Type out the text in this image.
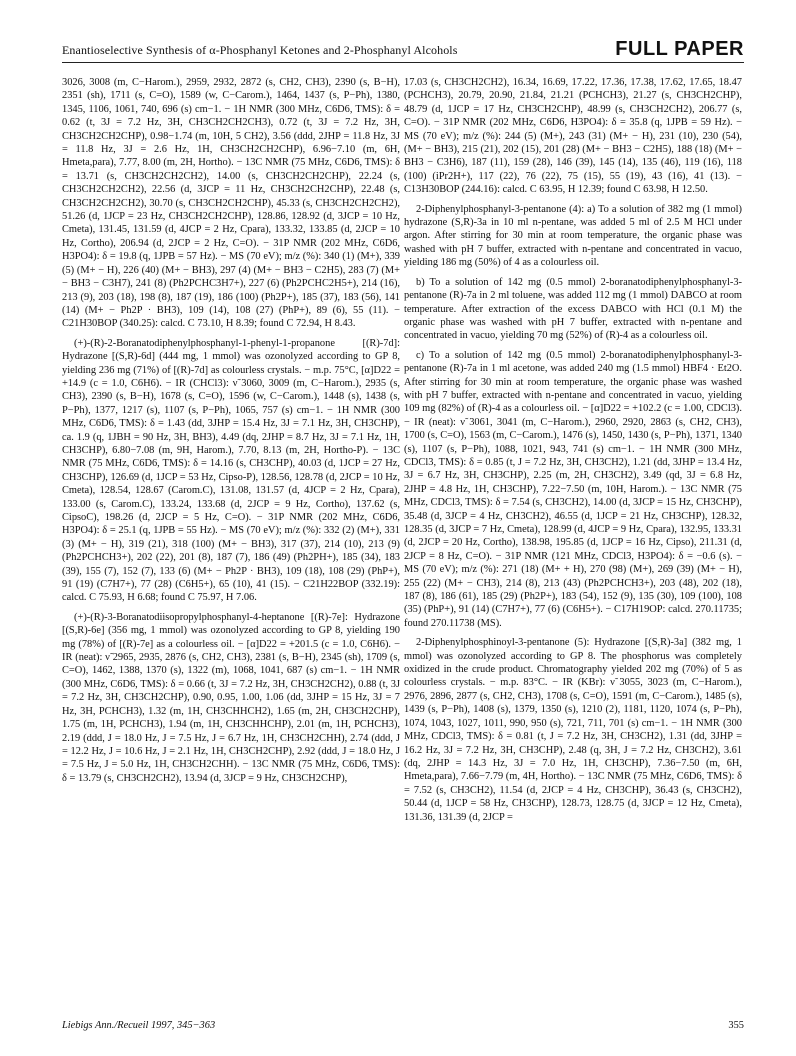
Enantioselective Synthesis of α-Phosphanyl Ketones and 2-Phosphanyl Alcohols	FULL PAPER

3026, 3008 (m, C−Harom.), 2959, 2932, 2872 (s, CH2, CH3), 2390 (s, B−H), 2351 (sh), 1711 (s, C=O), 1589 (w, C−Carom.), 1464, 1437 (s, P−Ph), 1380, 1345, 1106, 1061, 740, 696 (s) cm−1. − 1H NMR (300 MHz, C6D6, TMS): δ = 0.62 (t, 3J = 7.2 Hz, 3H, CH3CH2CH2CH3), 0.72 (t, 3J = 7.2 Hz, 3H, CH3CH2CH2CHP), 0.98−1.74 (m, 10H, 5 CH2), 3.56 (ddd, 2JHP = 11.8 Hz, 3J = 11.8 Hz, 3J = 2.6 Hz, 1H, CH3CH2CH2CHP), 6.96−7.10 (m, 6H, Hmeta,para), 7.77, 8.00 (m, 2H, Hortho). − 13C NMR (75 MHz, C6D6, TMS): δ = 13.71 (s, CH3CH2CH2CH2), 14.00 (s, CH3CH2CH2CHP), 22.24 (s, CH3CH2CH2CH2), 22.56 (d, 3JCP = 11 Hz, CH3CH2CH2CHP), 22.48 (s, CH3CH2CH2CH2), 30.70 (s, CH3CH2CH2CHP), 45.33 (s, CH3CH2CH2CH2), 51.26 (d, 1JCP = 23 Hz, CH3CH2CH2CHP), 128.86, 128.92 (d, 3JCP = 10 Hz, Cmeta), 131.45, 131.59 (d, 4JCP = 2 Hz, Cpara), 133.32, 133.85 (d, 2JCP = 10 Hz, Cortho), 206.94 (d, 2JCP = 2 Hz, C=O). − 31P NMR (202 MHz, C6D6, H3PO4): δ = 19.8 (q, 1JPB = 57 Hz). − MS (70 eV); m/z (%): 340 (1) (M+), 339 (5) (M+ − H), 226 (40) (M+ − BH3), 297 (4) (M+ − BH3 − C2H5), 283 (7) (M+ − BH3 − C3H7), 241 (8) (Ph2PCHC3H7+), 227 (6) (Ph2PCHC2H5+), 214 (16), 213 (9), 203 (18), 198 (8), 187 (19), 186 (100) (Ph2P+), 185 (37), 183 (56), 141 (14) (M+ − Ph2P · BH3), 109 (14), 108 (27) (PhP+), 89 (6), 55 (11). − C21H30BOP (340.25): calcd. C 73.10, H 8.39; found C 72.94, H 8.43.

(+)-(R)-2-Boranatodiphenylphosphanyl-1-phenyl-1-propanone [(R)-7d]: Hydrazone [(S,R)-6d] (444 mg, 1 mmol) was ozonolyzed according to GP 8, yielding 236 mg (71%) of [(R)-7d] as colourless crystals. − m.p. 75°C, [α]D22 = +14.9 (c = 1.0, C6H6). − IR (CHCl3): ν̃ 3060, 3009 (m, C−Harom.), 2935 (s, CH3), 2390 (s, B−H), 1678 (s, C=O), 1596 (w, C−Carom.), 1448 (s), 1438 (s, P−Ph), 1377, 1217 (s), 1107 (s, P−Ph), 1065, 757 (s) cm−1. − 1H NMR (300 MHz, C6D6, TMS): δ = 1.43 (dd, 3JHP = 15.4 Hz, 3J = 7.1 Hz, 3H, CH3CHP), ca. 1.9 (q, 1JBH = 90 Hz, 3H, BH3), 4.49 (dq, 2JHP = 8.7 Hz, 3J = 7.1 Hz, 1H, CH3CHP), 6.80−7.08 (m, 9H, Harom.), 7.70, 8.13 (m, 2H, Hortho-P). − 13C NMR (75 MHz, C6D6, TMS): δ = 14.16 (s, CH3CHP), 40.03 (d, 1JCP = 27 Hz, CH3CHP), 126.69 (d, 1JCP = 53 Hz, Cipso-P), 128.56, 128.78 (d, 2JCP = 10 Hz, Cmeta), 128.54, 128.67 (Carom.C), 131.08, 131.57 (d, 4JCP = 2 Hz, Cpara), 133.00 (s, Carom.C), 133.24, 133.68 (d, 2JCP = 9 Hz, Cortho), 137.62 (s, CipsoC), 198.26 (d, 2JCP = 5 Hz, C=O). − 31P NMR (202 MHz, C6D6, H3PO4): δ = 25.1 (q, 1JPB = 55 Hz). − MS (70 eV); m/z (%): 332 (2) (M+), 331 (3) (M+ − H), 319 (21), 318 (100) (M+ − BH3), 317 (37), 214 (10), 213 (9) (Ph2PCHCH3+), 202 (22), 201 (8), 187 (7), 186 (49) (Ph2PH+), 185 (34), 183 (39), 155 (7), 152 (7), 133 (6) (M+ − Ph2P · BH3), 109 (18), 108 (29) (PhP+), 91 (19) (C7H7+), 77 (28) (C6H5+), 65 (10), 41 (15). − C21H22BOP (332.19): calcd. C 75.93, H 6.68; found C 75.97, H 7.06.

(+)-(R)-3-Boranatodiisopropylphosphanyl-4-heptanone [(R)-7e]: Hydrazone [(S,R)-6e] (356 mg, 1 mmol) was ozonolyzed according to GP 8, yielding 190 mg (78%) of [(R)-7e] as a colourless oil. − [α]D22 = +201.5 (c = 1.0, C6H6). − IR (neat): ν̃ 2965, 2935, 2876 (s, CH2, CH3), 2381 (s, B−H), 2345 (sh), 1709 (s, C=O), 1462, 1388, 1370 (s), 1322 (m), 1068, 1041, 687 (s) cm−1. − 1H NMR (300 MHz, C6D6, TMS): δ = 0.66 (t, 3J = 7.2 Hz, 3H, CH3CH2CH2), 0.88 (t, 3J = 7.2 Hz, 3H, CH3CH2CHP), 0.90, 0.95, 1.00, 1.06 (dd, 3JHP = 15 Hz, 3J = 7 Hz, 3H, PCHCH3), 1.32 (m, 1H, CH3CHHCH2), 1.65 (m, 2H, CH3CH2CHP), 1.75 (m, 1H, PCHCH3), 1.94 (m, 1H, CH3CHHCHP), 2.01 (m, 1H, PCHCH3), 2.19 (ddd, J = 18.0 Hz, J = 7.5 Hz, J = 6.7 Hz, 1H, CH3CH2CHH), 2.74 (ddd, J = 12.2 Hz, J = 10.6 Hz, J = 2.1 Hz, 1H, CH3CH2CHP), 2.92 (ddd, J = 18.0 Hz, J = 7.5 Hz, J = 5.0 Hz, 1H, CH3CH2CHH). − 13C NMR (75 MHz, C6D6, TMS): δ = 13.79 (s, CH3CH2CH2), 13.94 (d, 3JCP = 9 Hz, CH3CH2CHP),

17.03 (s, CH3CH2CH2), 16.34, 16.69, 17.22, 17.36, 17.38, 17.62, 17.65, 18.47 (PCHCH3), 20.79, 20.90, 21.84, 21.21 (PCHCH3), 21.27 (s, CH3CH2CHP), 48.79 (d, 1JCP = 17 Hz, CH3CH2CHP), 48.99 (s, CH3CH2CH2), 206.77 (s, C=O). − 31P NMR (202 MHz, C6D6, H3PO4): δ = 35.8 (q, 1JPB = 59 Hz). − MS (70 eV); m/z (%): 244 (5) (M+), 243 (31) (M+ − H), 231 (10), 230 (54), (M+ − BH3), 215 (21), 202 (15), 201 (28) (M+ − BH3 − C2H5), 188 (18) (M+ − BH3 − C3H6), 187 (11), 159 (28), 146 (39), 145 (14), 135 (46), 119 (16), 118 (100) (iPr2H+), 117 (22), 76 (22), 75 (15), 55 (19), 43 (16), 41 (13). − C13H30BOP (244.16): calcd. C 63.95, H 12.39; found C 63.98, H 12.50.

2-Diphenylphosphanyl-3-pentanone (4): a) To a solution of 382 mg (1 mmol) hydrazone (S,R)-3a in 10 ml n-pentane, was added 5 ml of 2.5 M HCl under argon. After stirring for 30 min at room temperature, the organic phase was washed with pH 7 buffer, extracted with n-pentane and concentrated in vacuo, yielding 186 mg (50%) of 4 as a colourless oil.

b) To a solution of 142 mg (0.5 mmol) 2-boranatodiphenylphosphanyl-3-pentanone (R)-7a in 2 ml toluene, was added 112 mg (1 mmol) DABCO at room temperature. After extraction of the excess DABCO with HCl (0.1 M) the organic phase was washed with pH 7 buffer, extracted with n-pentane and concentrated in vacuo, yielding 70 mg (52%) of (R)-4 as a colourless oil.

c) To a solution of 142 mg (0.5 mmol) 2-boranatodiphenylphosphanyl-3-pentanone (R)-7a in 1 ml acetone, was added 240 mg (1.5 mmol) HBF4 · Et2O. After stirring for 30 min at room temperature, the organic phase was washed with pH 7 buffer, extracted with n-pentane and concentrated in vacuo, yielding 109 mg (82%) of (R)-4 as a colourless oil. − [α]D22 = +102.2 (c = 1.00, CDCl3). − IR (neat): ν̃ 3061, 3041 (m, C−Harom.), 2960, 2920, 2863 (s, CH2, CH3), 1700 (s, C=O), 1563 (m, C−Carom.), 1476 (s), 1450, 1430 (s, P−Ph), 1371, 1340 (s), 1107 (s, P−Ph), 1088, 1021, 943, 741 (s) cm−1. − 1H NMR (300 MHz, CDCl3, TMS): δ = 0.85 (t, J = 7.2 Hz, 3H, CH3CH2), 1.21 (dd, 3JHP = 13.4 Hz, 3J = 6.7 Hz, 3H, CH3CHP), 2.25 (m, 2H, CH3CH2), 3.49 (qd, 3J = 6.8 Hz, 2JHP = 4.8 Hz, 1H, CH3CHP), 7.22−7.50 (m, 10H, Harom.). − 13C NMR (75 MHz, CDCl3, TMS): δ = 7.54 (s, CH3CH2), 14.00 (d, 3JCP = 15 Hz, CH3CHP), 35.48 (d, 3JCP = 4 Hz, CH3CH2), 46.55 (d, 1JCP = 21 Hz, CH3CHP), 128.32, 128.35 (d, 3JCP = 7 Hz, Cmeta), 128.99 (d, 4JCP = 9 Hz, Cpara), 132.95, 133.31 (d, 2JCP = 20 Hz, Cortho), 138.98, 195.85 (d, 1JCP = 16 Hz, Cipso), 211.31 (d, 2JCP = 8 Hz, C=O). − 31P NMR (121 MHz, CDCl3, H3PO4): δ = −0.6 (s). − MS (70 eV); m/z (%): 271 (18) (M+ + H), 270 (98) (M+), 269 (39) (M+ − H), 255 (22) (M+ − CH3), 214 (8), 213 (43) (Ph2PCHCH3+), 203 (48), 202 (18), 187 (8), 186 (61), 185 (29) (Ph2P+), 183 (54), 152 (9), 135 (30), 109 (100), 108 (35) (PhP+), 91 (14) (C7H7+), 77 (6) (C6H5+). − C17H19OP: calcd. 270.11735; found 270.11738 (MS).

2-Diphenylphosphinoyl-3-pentanone (5): Hydrazone [(S,R)-3a] (382 mg, 1 mmol) was ozonolyzed according to GP 8. The phosphorus was completely oxidized in the crude product. Chromatography yielded 202 mg (70%) of 5 as colourless crystals. − m.p. 83°C. − IR (KBr): ν̃ 3055, 3023 (m, C−Harom.), 2976, 2896, 2877 (s, CH2, CH3), 1708 (s, C=O), 1591 (m, C−Carom.), 1485 (s), 1439 (s, P−Ph), 1408 (s), 1379, 1350 (s), 1210 (2), 1181, 1120, 1074 (s, P−Ph), 1074, 1043, 1027, 1011, 990, 950 (s), 721, 711, 701 (s) cm−1. − 1H NMR (300 MHz, CDCl3, TMS): δ = 0.81 (t, J = 7.2 Hz, 3H, CH3CH2), 1.31 (dd, 3JHP = 16.2 Hz, 3J = 7.2 Hz, 3H, CH3CHP), 2.48 (q, 3H, J = 7.2 Hz, CH3CH2), 3.61 (dq, 2JHP = 14.3 Hz, 3J = 7.0 Hz, 1H, CH3CHP), 7.36−7.50 (m, 6H, Hmeta,para), 7.66−7.79 (m, 4H, Hortho). − 13C NMR (75 MHz, C6D6, TMS): δ = 7.52 (s, CH3CH2), 11.54 (d, 2JCP = 4 Hz, CH3CHP), 36.43 (s, CH3CH2), 50.44 (d, 1JCP = 58 Hz, CH3CHP), 128.73, 128.75 (d, 3JCP = 12 Hz, Cmeta), 131.36, 131.39 (d, 2JCP =

Liebigs Ann./Recueil 1997, 345−363	355
